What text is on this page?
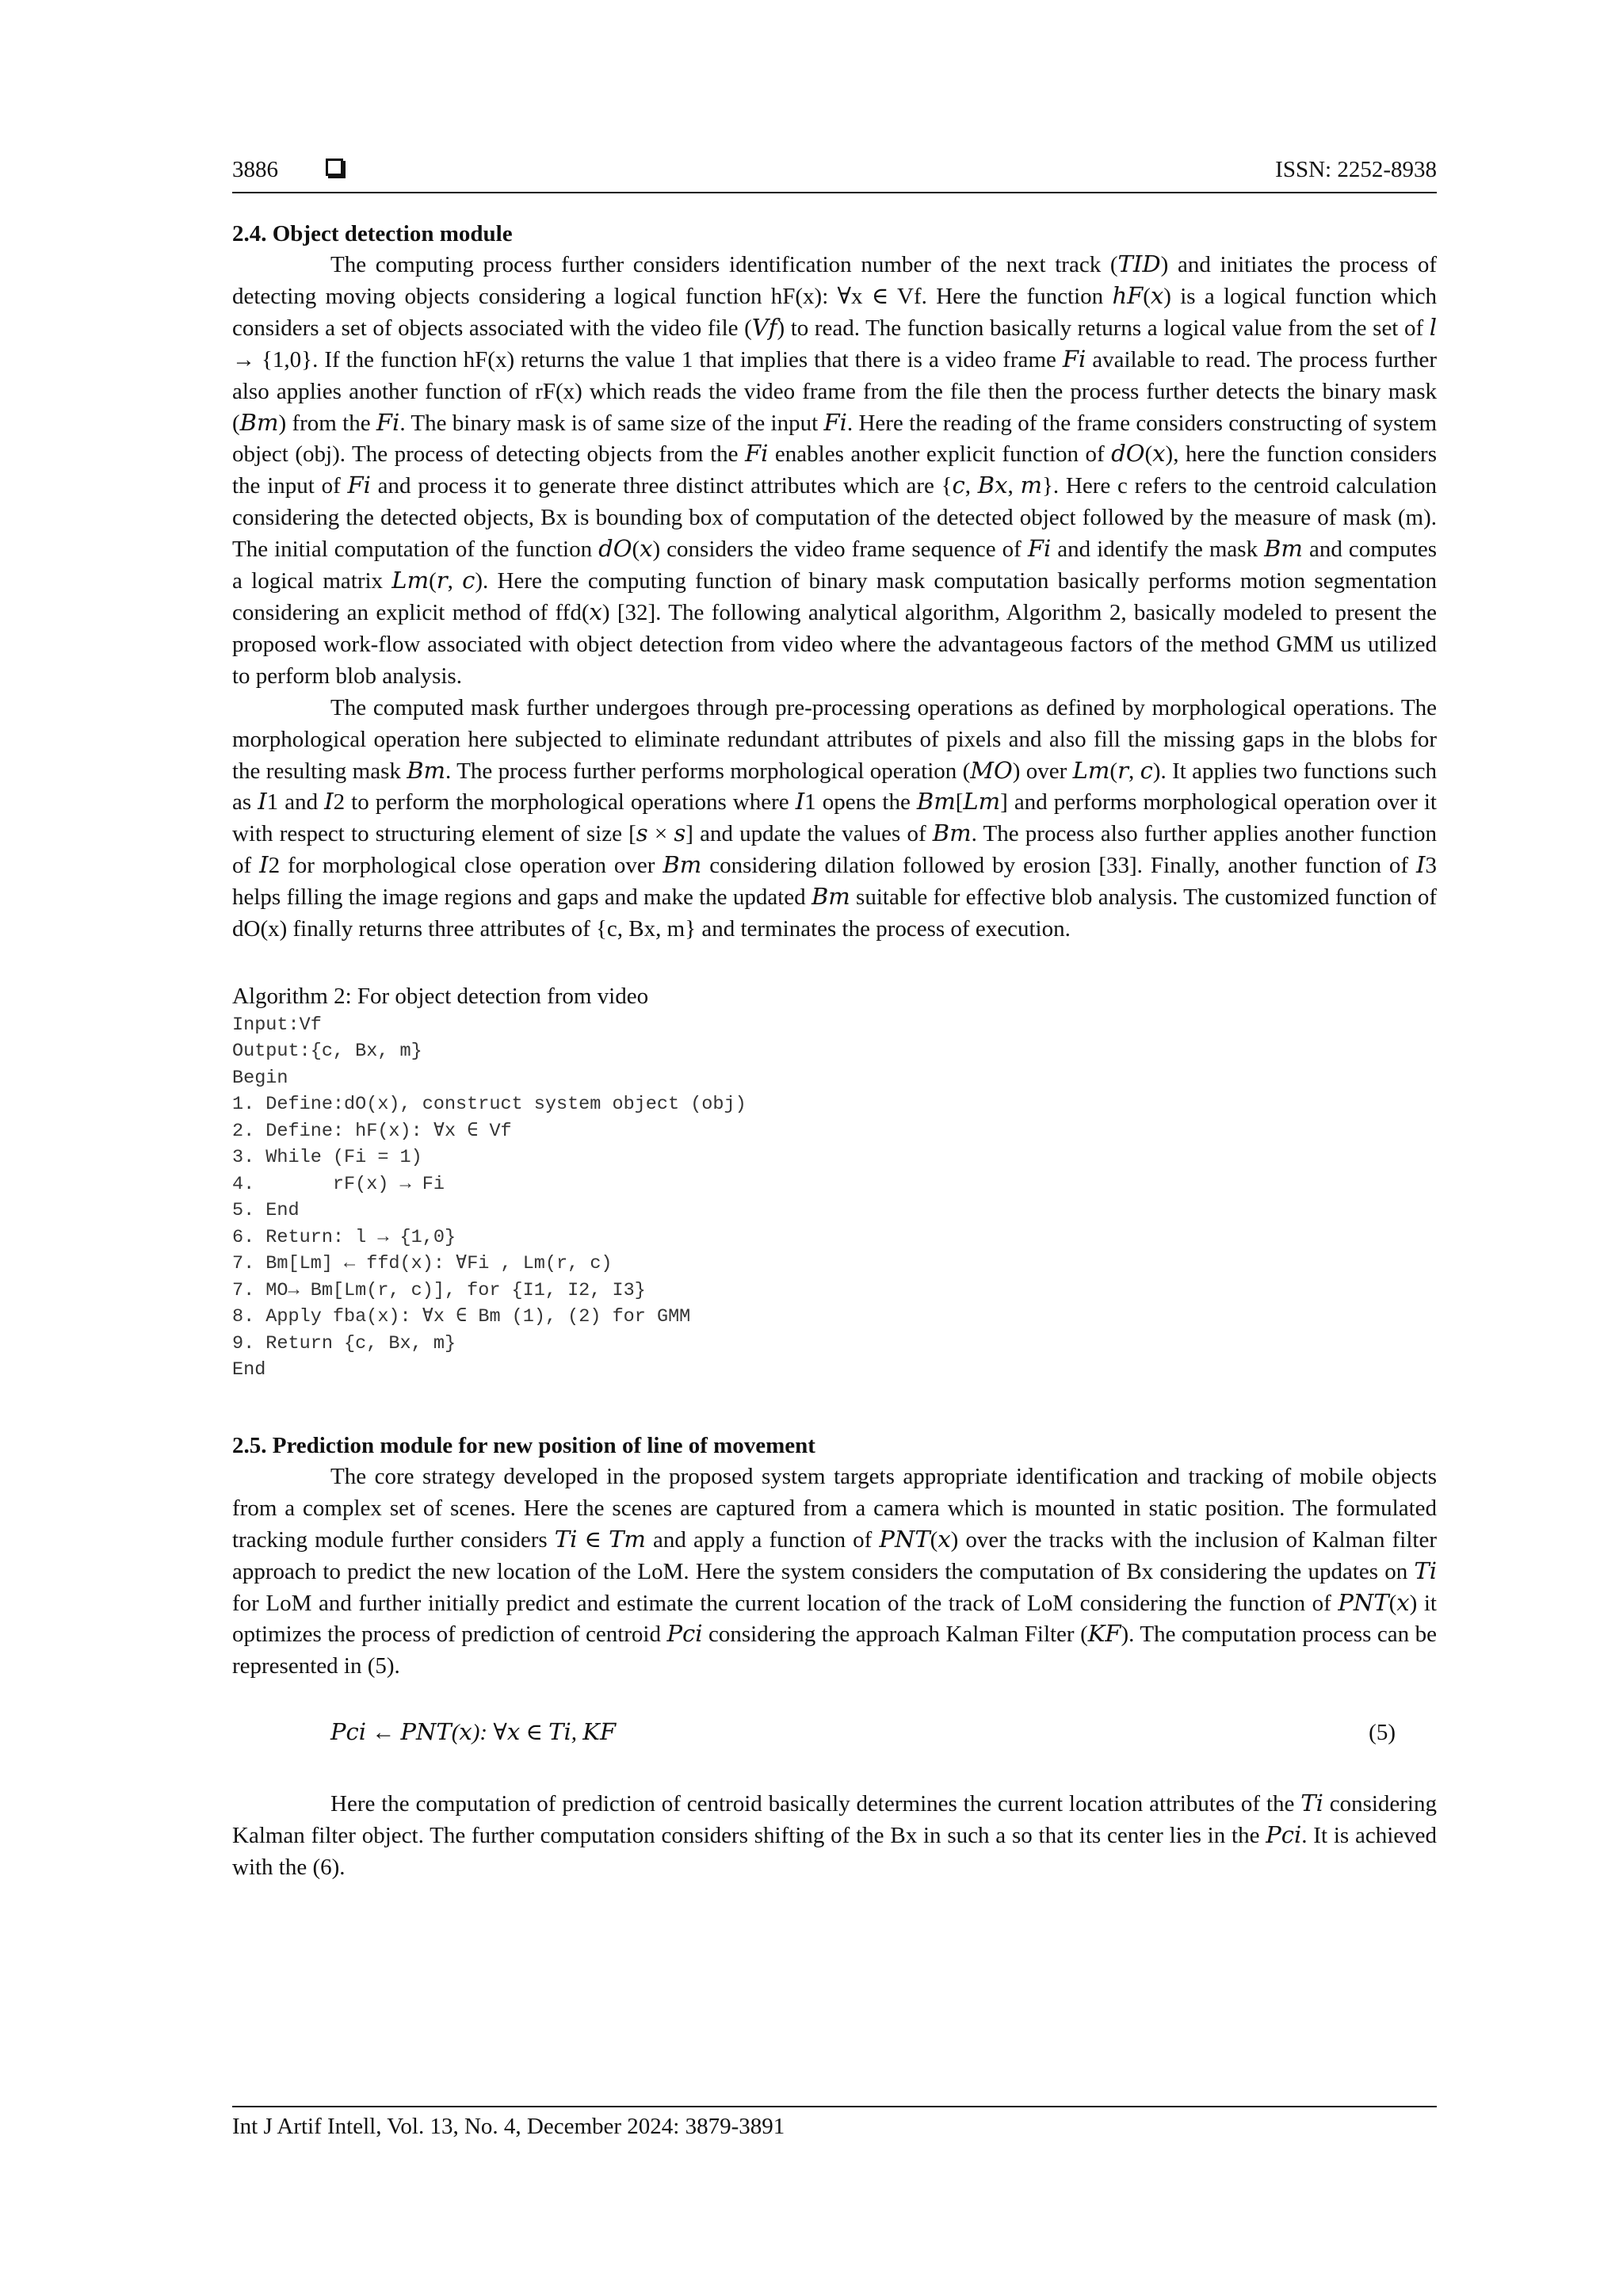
3886	ISSN: 2252-8938
2.4. Object detection module

The computing process further considers identification number of the next track (𝑇𝐼𝐷) and initiates the process of detecting moving objects considering a logical function hF(x): ∀x ∈ Vf. Here the function ℎ𝐹(𝑥) is a logical function which considers a set of objects associated with the video file (𝑉𝑓) to read. The function basically returns a logical value from the set of 𝑙 → {1,0}. If the function hF(x) returns the value 1 that implies that there is a video frame 𝐹𝑖 available to read. The process further also applies another function of rF(x) which reads the video frame from the file then the process further detects the binary mask (𝐵𝑚) from the 𝐹𝑖. The binary mask is of same size of the input 𝐹𝑖. Here the reading of the frame considers constructing of system object (obj). The process of detecting objects from the 𝐹𝑖 enables another explicit function of 𝑑𝑂(𝑥), here the function considers the input of 𝐹𝑖 and process it to generate three distinct attributes which are {𝑐, 𝐵𝑥, 𝑚}. Here c refers to the centroid calculation considering the detected objects, Bx is bounding box of computation of the detected object followed by the measure of mask (m). The initial computation of the function 𝑑𝑂(𝑥) considers the video frame sequence of 𝐹𝑖 and identify the mask 𝐵𝑚 and computes a logical matrix 𝐿𝑚(𝑟, 𝑐). Here the computing function of binary mask computation basically performs motion segmentation considering an explicit method of ffd(𝑥) [32]. The following analytical algorithm, Algorithm 2, basically modeled to present the proposed work-flow associated with object detection from video where the advantageous factors of the method GMM us utilized to perform blob analysis.

The computed mask further undergoes through pre-processing operations as defined by morphological operations. The morphological operation here subjected to eliminate redundant attributes of pixels and also fill the missing gaps in the blobs for the resulting mask 𝐵𝑚. The process further performs morphological operation (𝑀𝑂) over 𝐿𝑚(𝑟, 𝑐). It applies two functions such as 𝐼1 and 𝐼2 to perform the morphological operations where 𝐼1 opens the 𝐵𝑚[𝐿𝑚] and performs morphological operation over it with respect to structuring element of size [𝑠 × 𝑠] and update the values of 𝐵𝑚. The process also further applies another function of 𝐼2 for morphological close operation over 𝐵𝑚 considering dilation followed by erosion [33]. Finally, another function of 𝐼3 helps filling the image regions and gaps and make the updated 𝐵𝑚 suitable for effective blob analysis. The customized function of dO(x) finally returns three attributes of {c, Bx, m} and terminates the process of execution.

Algorithm 2: For object detection from video
Input:Vf
Output:{c, Bx, m}
Begin
1. Define:dO(x), construct system object (obj)
2. Define: hF(x): ∀x ∈ Vf
3. While (Fi = 1)
4.       rF(x) → Fi
5. End
6. Return: l → {1,0}
7. Bm[Lm] ← ffd(x): ∀Fi , Lm(r, c)
7. MO→ Bm[Lm(r, c)], for {I1, I2, I3}
8. Apply fba(x): ∀x ∈ Bm (1), (2) for GMM
9. Return {c, Bx, m}
End
2.5. Prediction module for new position of line of movement

The core strategy developed in the proposed system targets appropriate identification and tracking of mobile objects from a complex set of scenes. Here the scenes are captured from a camera which is mounted in static position. The formulated tracking module further considers 𝑇𝑖 ∈ 𝑇𝑚 and apply a function of 𝑃𝑁𝑇(𝑥) over the tracks with the inclusion of Kalman filter approach to predict the new location of the LoM. Here the system considers the computation of Bx considering the updates on 𝑇𝑖 for LoM and further initially predict and estimate the current location of the track of LoM considering the function of 𝑃𝑁𝑇(𝑥) it optimizes the process of prediction of centroid 𝑃𝑐𝑖 considering the approach Kalman Filter (𝐾𝐹). The computation process can be represented in (5).

𝑃𝑐𝑖 ← 𝑃𝑁𝑇(𝑥): ∀𝑥 ∈ 𝑇𝑖, 𝐾𝐹	(5)

Here the computation of prediction of centroid basically determines the current location attributes of the 𝑇𝑖 considering Kalman filter object. The further computation considers shifting of the Bx in such a so that its center lies in the 𝑃𝑐𝑖. It is achieved with the (6).

Int J Artif Intell, Vol. 13, No. 4, December 2024: 3879-3891
